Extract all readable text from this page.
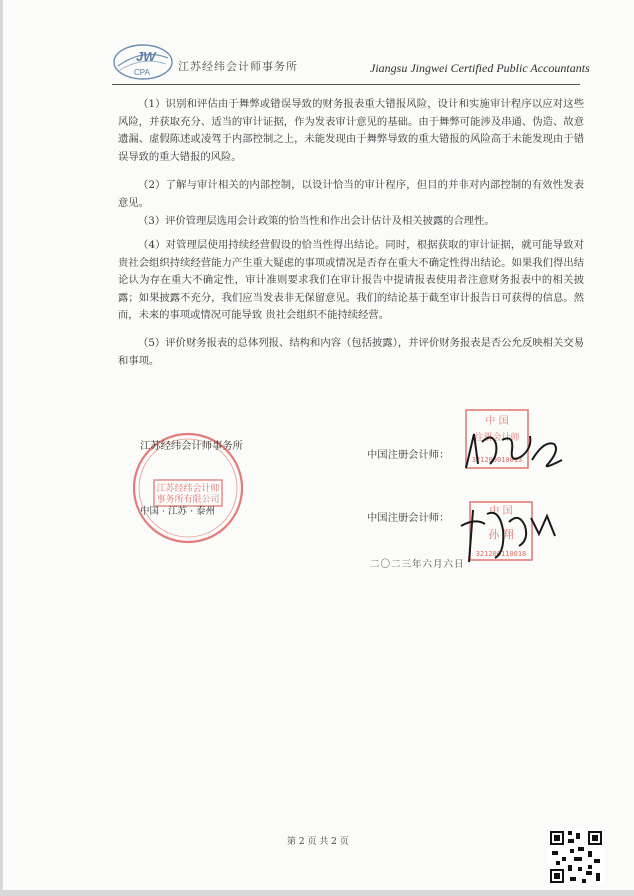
JW
CPA	江苏经纬会计师事务所	Jiangsu Jingwei Certified Public Accountants
（1）识别和评估由于舞弊或错误导致的财务报表重大错报风险，设计和实施审计程序以应对这些风险，并获取充分、适当的审计证据，作为发表审计意见的基础。由于舞弊可能涉及串通、伪造、故意遗漏、虚假陈述或凌驾于内部控制之上，未能发现由于舞弊导致的重大错报的风险高于未能发现由于错误导致的重大错报的风险。
（2）了解与审计相关的内部控制，以设计恰当的审计程序，但目的并非对内部控制的有效性发表意见。
（3）评价管理层选用会计政策的恰当性和作出会计估计及相关披露的合理性。
（4）对管理层使用持续经营假设的恰当性得出结论。同时，根据获取的审计证据，就可能导致对 贵社会组织持续经营能力产生重大疑虑的事项或情况是否存在重大不确定性得出结论。如果我们得出结论认为存在重大不确定性，审计准则要求我们在审计报告中提请报表使用者注意财务报表中的相关披露；如果披露不充分，我们应当发表非无保留意见。我们的结论基于截至审计报告日可获得的信息。然而，未来的事项或情况可能导致 贵社会组织不能持续经营。
（5）评价财务报表的总体列报、结构和内容（包括披露），并评价财务报表是否公允反映相关交易和事项。
江苏经纬会计师
事务所有限公司
江苏经纬会计师事务所
中国 · 江苏 · 泰州
中国注册会计师：
中 国
注册会计师
321200010013
中国注册会计师：
中 国
孙 翔
321200110018
二〇二三年六月六日
第 2 页 共 2 页
